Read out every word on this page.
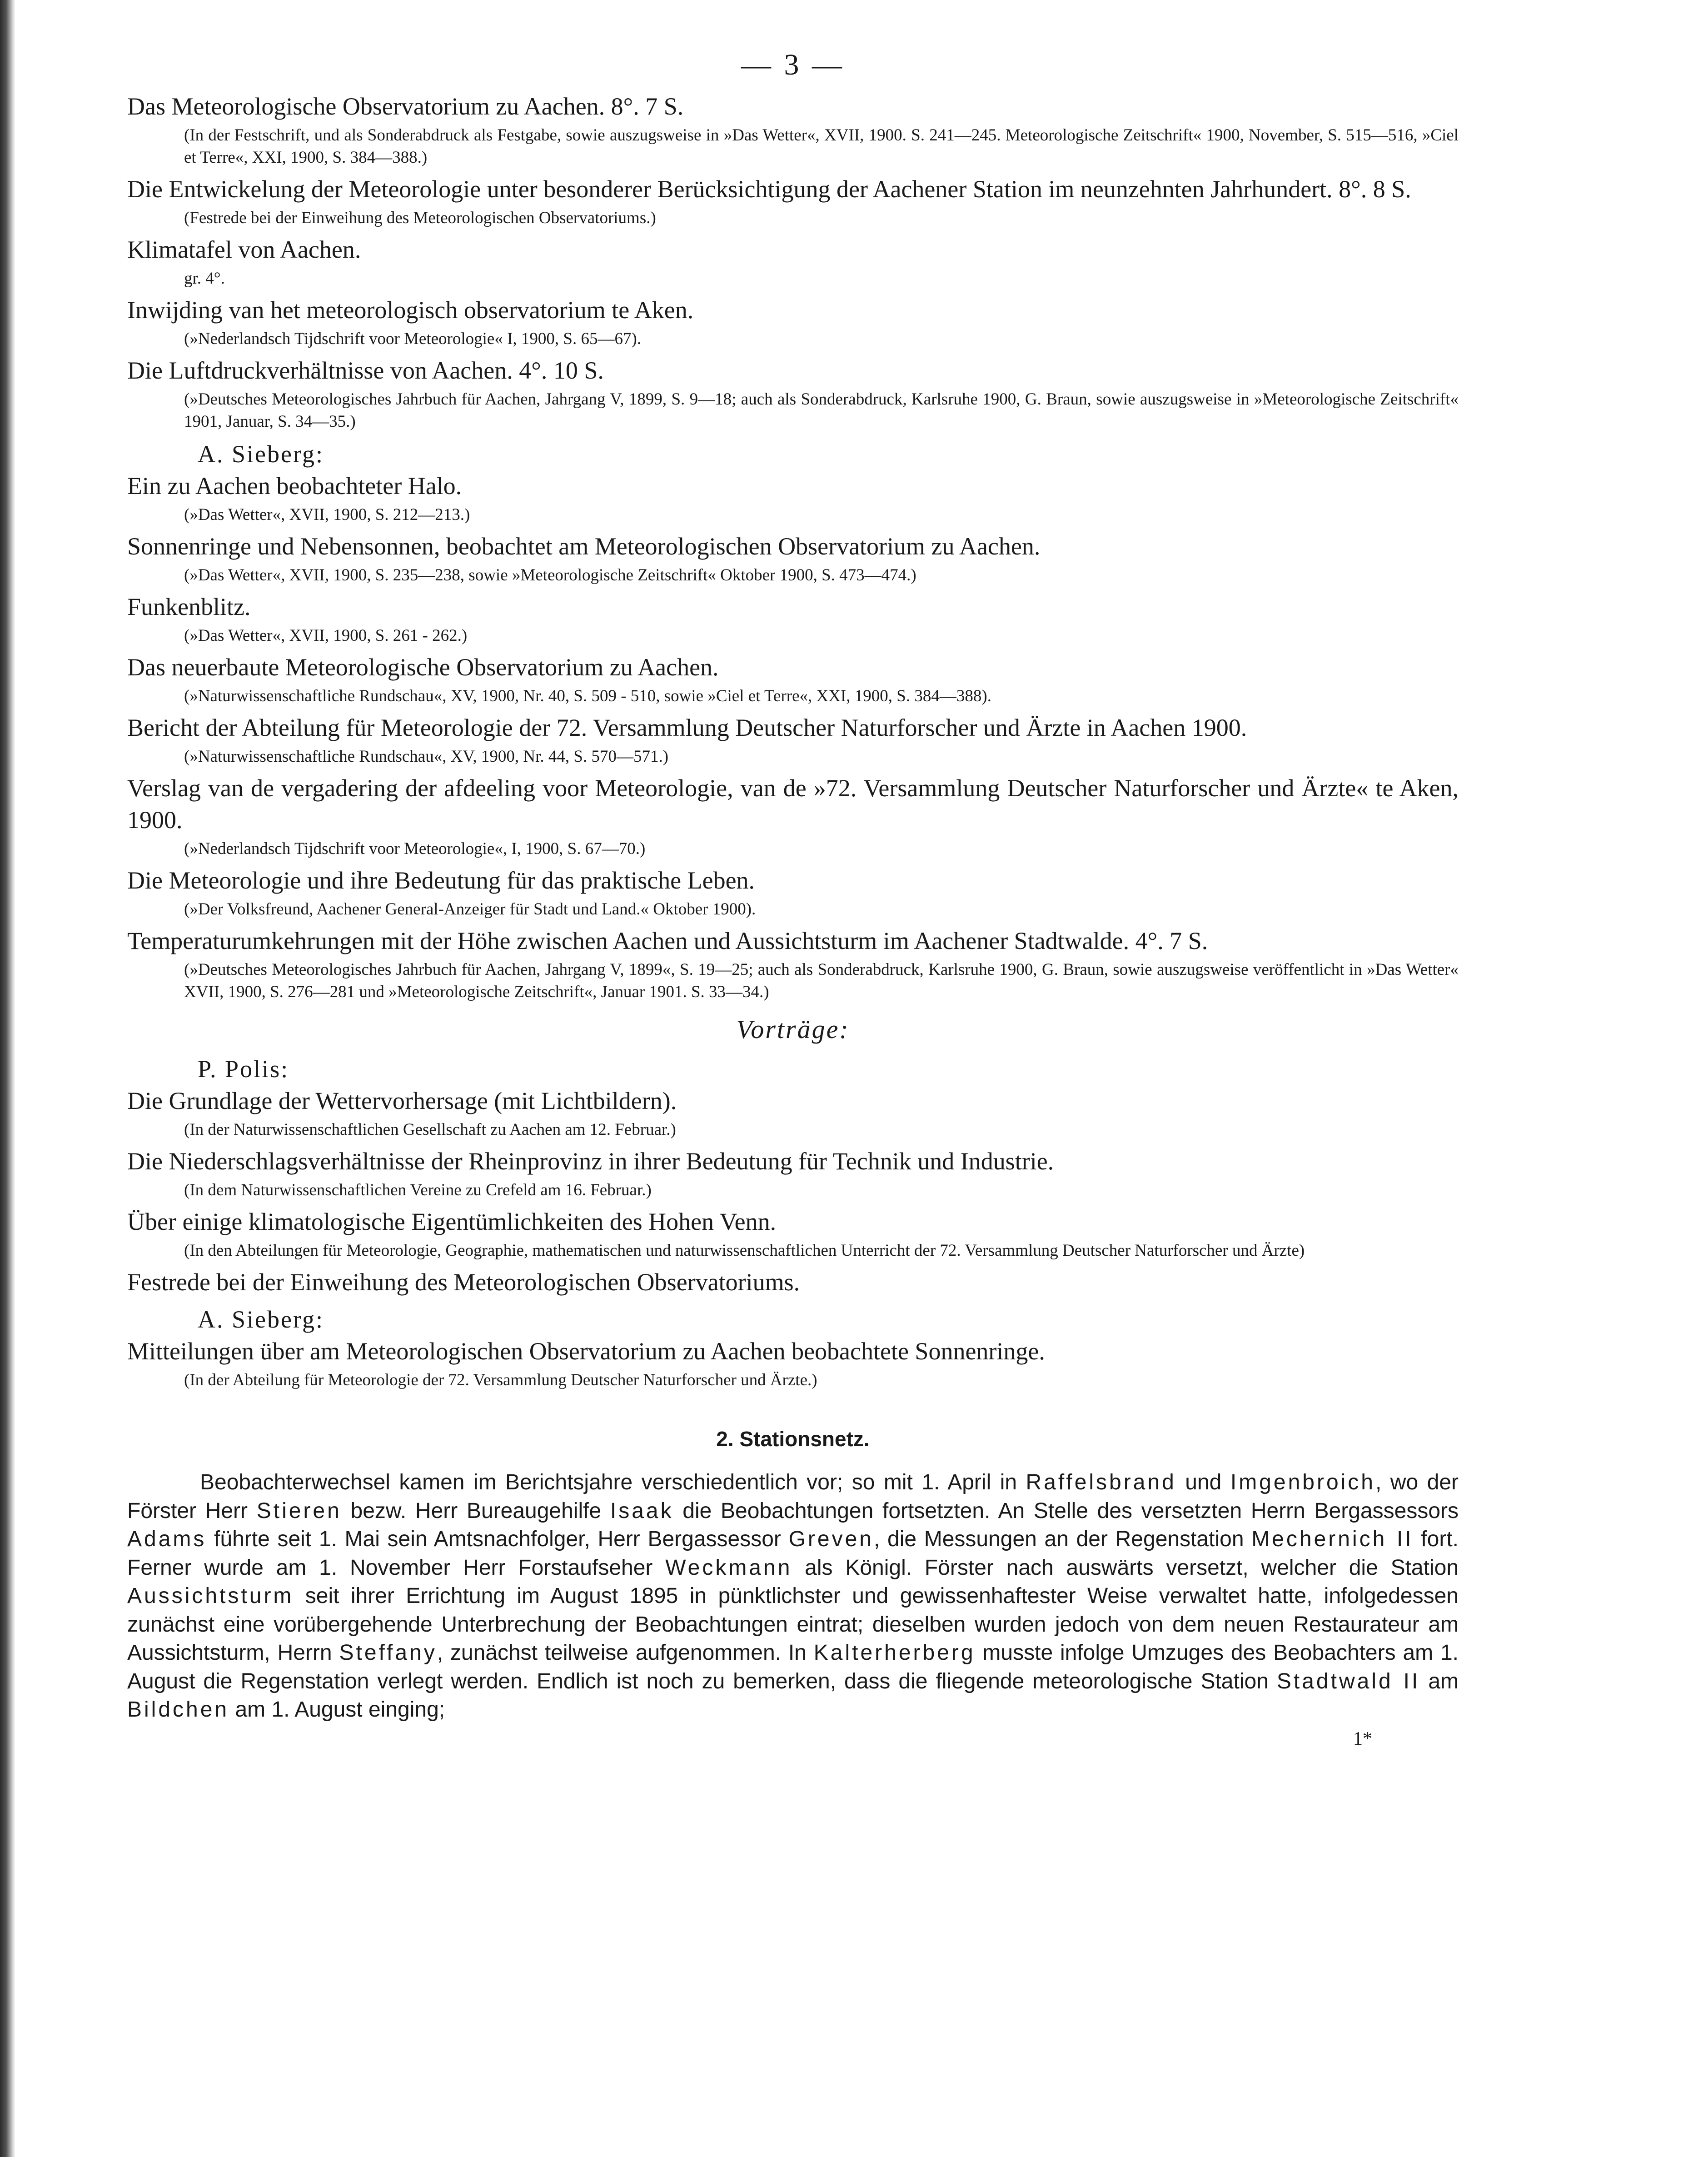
— 3 —

Das Meteorologische Observatorium zu Aachen. 8°. 7 S.

(In der Festschrift, und als Sonderabdruck als Festgabe, sowie auszugsweise in »Das Wetter«, XVII, 1900. S. 241—245. Meteorologische Zeitschrift« 1900, November, S. 515—516, »Ciel et Terre«, XXI, 1900, S. 384—388.)

Die Entwickelung der Meteorologie unter besonderer Berücksichtigung der Aachener Station im neunzehnten Jahrhundert. 8°. 8 S.

(Festrede bei der Einweihung des Meteorologischen Observatoriums.)

Klimatafel von Aachen.

gr. 4°.

Inwijding van het meteorologisch observatorium te Aken.

(»Nederlandsch Tijdschrift voor Meteorologie« I, 1900, S. 65—67).

Die Luftdruckverhältnisse von Aachen. 4°. 10 S.

(»Deutsches Meteorologisches Jahrbuch für Aachen, Jahrgang V, 1899, S. 9—18; auch als Sonderabdruck, Karlsruhe 1900, G. Braun, sowie auszugsweise in »Meteorologische Zeitschrift« 1901, Januar, S. 34—35.)

A. Sieberg:

Ein zu Aachen beobachteter Halo.

(»Das Wetter«, XVII, 1900, S. 212—213.)

Sonnenringe und Nebensonnen, beobachtet am Meteorologischen Observatorium zu Aachen.

(»Das Wetter«, XVII, 1900, S. 235—238, sowie »Meteorologische Zeitschrift« Oktober 1900, S. 473—474.)

Funkenblitz.

(»Das Wetter«, XVII, 1900, S. 261 - 262.)

Das neuerbaute Meteorologische Observatorium zu Aachen.

(»Naturwissenschaftliche Rundschau«, XV, 1900, Nr. 40, S. 509 - 510, sowie »Ciel et Terre«, XXI, 1900, S. 384—388).

Bericht der Abteilung für Meteorologie der 72. Versammlung Deutscher Naturforscher und Ärzte in Aachen 1900.

(»Naturwissenschaftliche Rundschau«, XV, 1900, Nr. 44, S. 570—571.)

Verslag van de vergadering der afdeeling voor Meteorologie, van de »72. Versammlung Deutscher Naturforscher und Ärzte« te Aken, 1900.

(»Nederlandsch Tijdschrift voor Meteorologie«, I, 1900, S. 67—70.)

Die Meteorologie und ihre Bedeutung für das praktische Leben.

(»Der Volksfreund, Aachener General-Anzeiger für Stadt und Land.« Oktober 1900).

Temperaturumkehrungen mit der Höhe zwischen Aachen und Aussichtsturm im Aachener Stadtwalde. 4°. 7 S.

(»Deutsches Meteorologisches Jahrbuch für Aachen, Jahrgang V, 1899«, S. 19—25; auch als Sonderabdruck, Karlsruhe 1900, G. Braun, sowie auszugsweise veröffentlicht in »Das Wetter« XVII, 1900, S. 276—281 und »Meteorologische Zeitschrift«, Januar 1901. S. 33—34.)

Vorträge:

P. Polis:

Die Grundlage der Wettervorhersage (mit Lichtbildern).

(In der Naturwissenschaftlichen Gesellschaft zu Aachen am 12. Februar.)

Die Niederschlagsverhältnisse der Rheinprovinz in ihrer Bedeutung für Technik und Industrie.

(In dem Naturwissenschaftlichen Vereine zu Crefeld am 16. Februar.)

Über einige klimatologische Eigentümlichkeiten des Hohen Venn.

(In den Abteilungen für Meteorologie, Geographie, mathematischen und naturwissenschaftlichen Unterricht der 72. Versammlung Deutscher Naturforscher und Ärzte)

Festrede bei der Einweihung des Meteorologischen Observatoriums.

A. Sieberg:

Mitteilungen über am Meteorologischen Observatorium zu Aachen beobachtete Sonnenringe.

(In der Abteilung für Meteorologie der 72. Versammlung Deutscher Naturforscher und Ärzte.)

2. Stationsnetz.

Beobachterwechsel kamen im Berichtsjahre verschiedentlich vor; so mit 1. April in Raffelsbrand und Imgenbroich, wo der Förster Herr Stieren bezw. Herr Bureaugehilfe Isaak die Beobachtungen fortsetzten. An Stelle des versetzten Herrn Bergassessors Adams führte seit 1. Mai sein Amtsnachfolger, Herr Bergassessor Greven, die Messungen an der Regenstation Mechernich II fort. Ferner wurde am 1. November Herr Forstaufseher Weckmann als Königl. Förster nach auswärts versetzt, welcher die Station Aussichtsturm seit ihrer Errichtung im August 1895 in pünktlichster und gewissenhaftester Weise verwaltet hatte, infolgedessen zunächst eine vorübergehende Unterbrechung der Beobachtungen eintrat; dieselben wurden jedoch von dem neuen Restaurateur am Aussichtsturm, Herrn Steffany, zunächst teilweise aufgenommen. In Kalterherberg musste infolge Umzuges des Beobachters am 1. August die Regenstation verlegt werden. Endlich ist noch zu bemerken, dass die fliegende meteorologische Station Stadtwald II am Bildchen am 1. August einging;

1*
